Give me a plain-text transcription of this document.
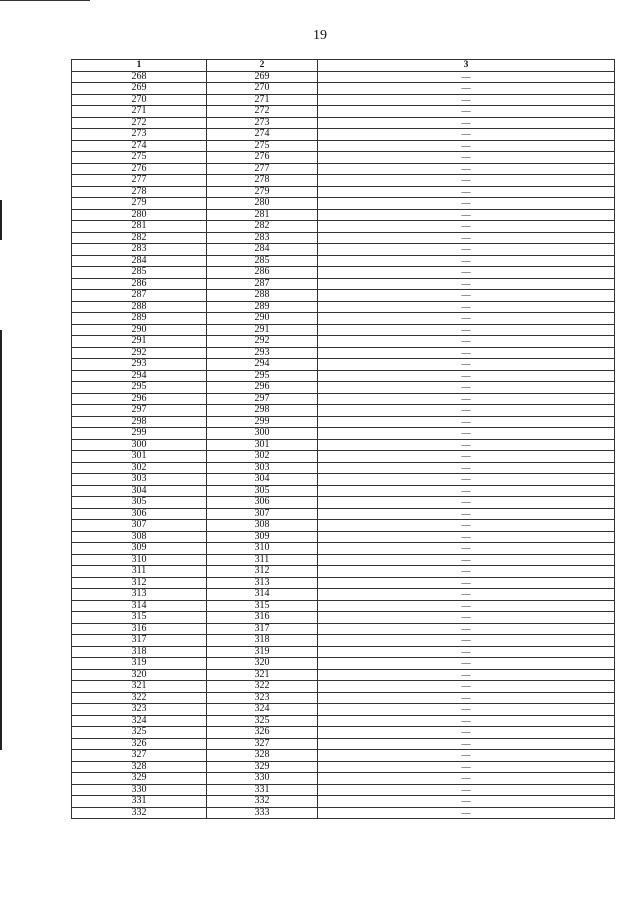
19
1	2	3
268	269	—
269	270	—
270	271	—
271	272	—
272	273	—
273	274	—
274	275	—
275	276	—
276	277	—
277	278	—
278	279	—
279	280	—
280	281	—
281	282	—
282	283	—
283	284	—
284	285	—
285	286	—
286	287	—
287	288	—
288	289	—
289	290	—
290	291	—
291	292	—
292	293	—
293	294	—
294	295	—
295	296	—
296	297	—
297	298	—
298	299	—
299	300	—
300	301	—
301	302	—
302	303	—
303	304	—
304	305	—
305	306	—
306	307	—
307	308	—
308	309	—
309	310	—
310	311	—
311	312	—
312	313	—
313	314	—
314	315	—
315	316	—
316	317	—
317	318	—
318	319	—
319	320	—
320	321	—
321	322	—
322	323	—
323	324	—
324	325	—
325	326	—
326	327	—
327	328	—
328	329	—
329	330	—
330	331	—
331	332	—
332	333	—
